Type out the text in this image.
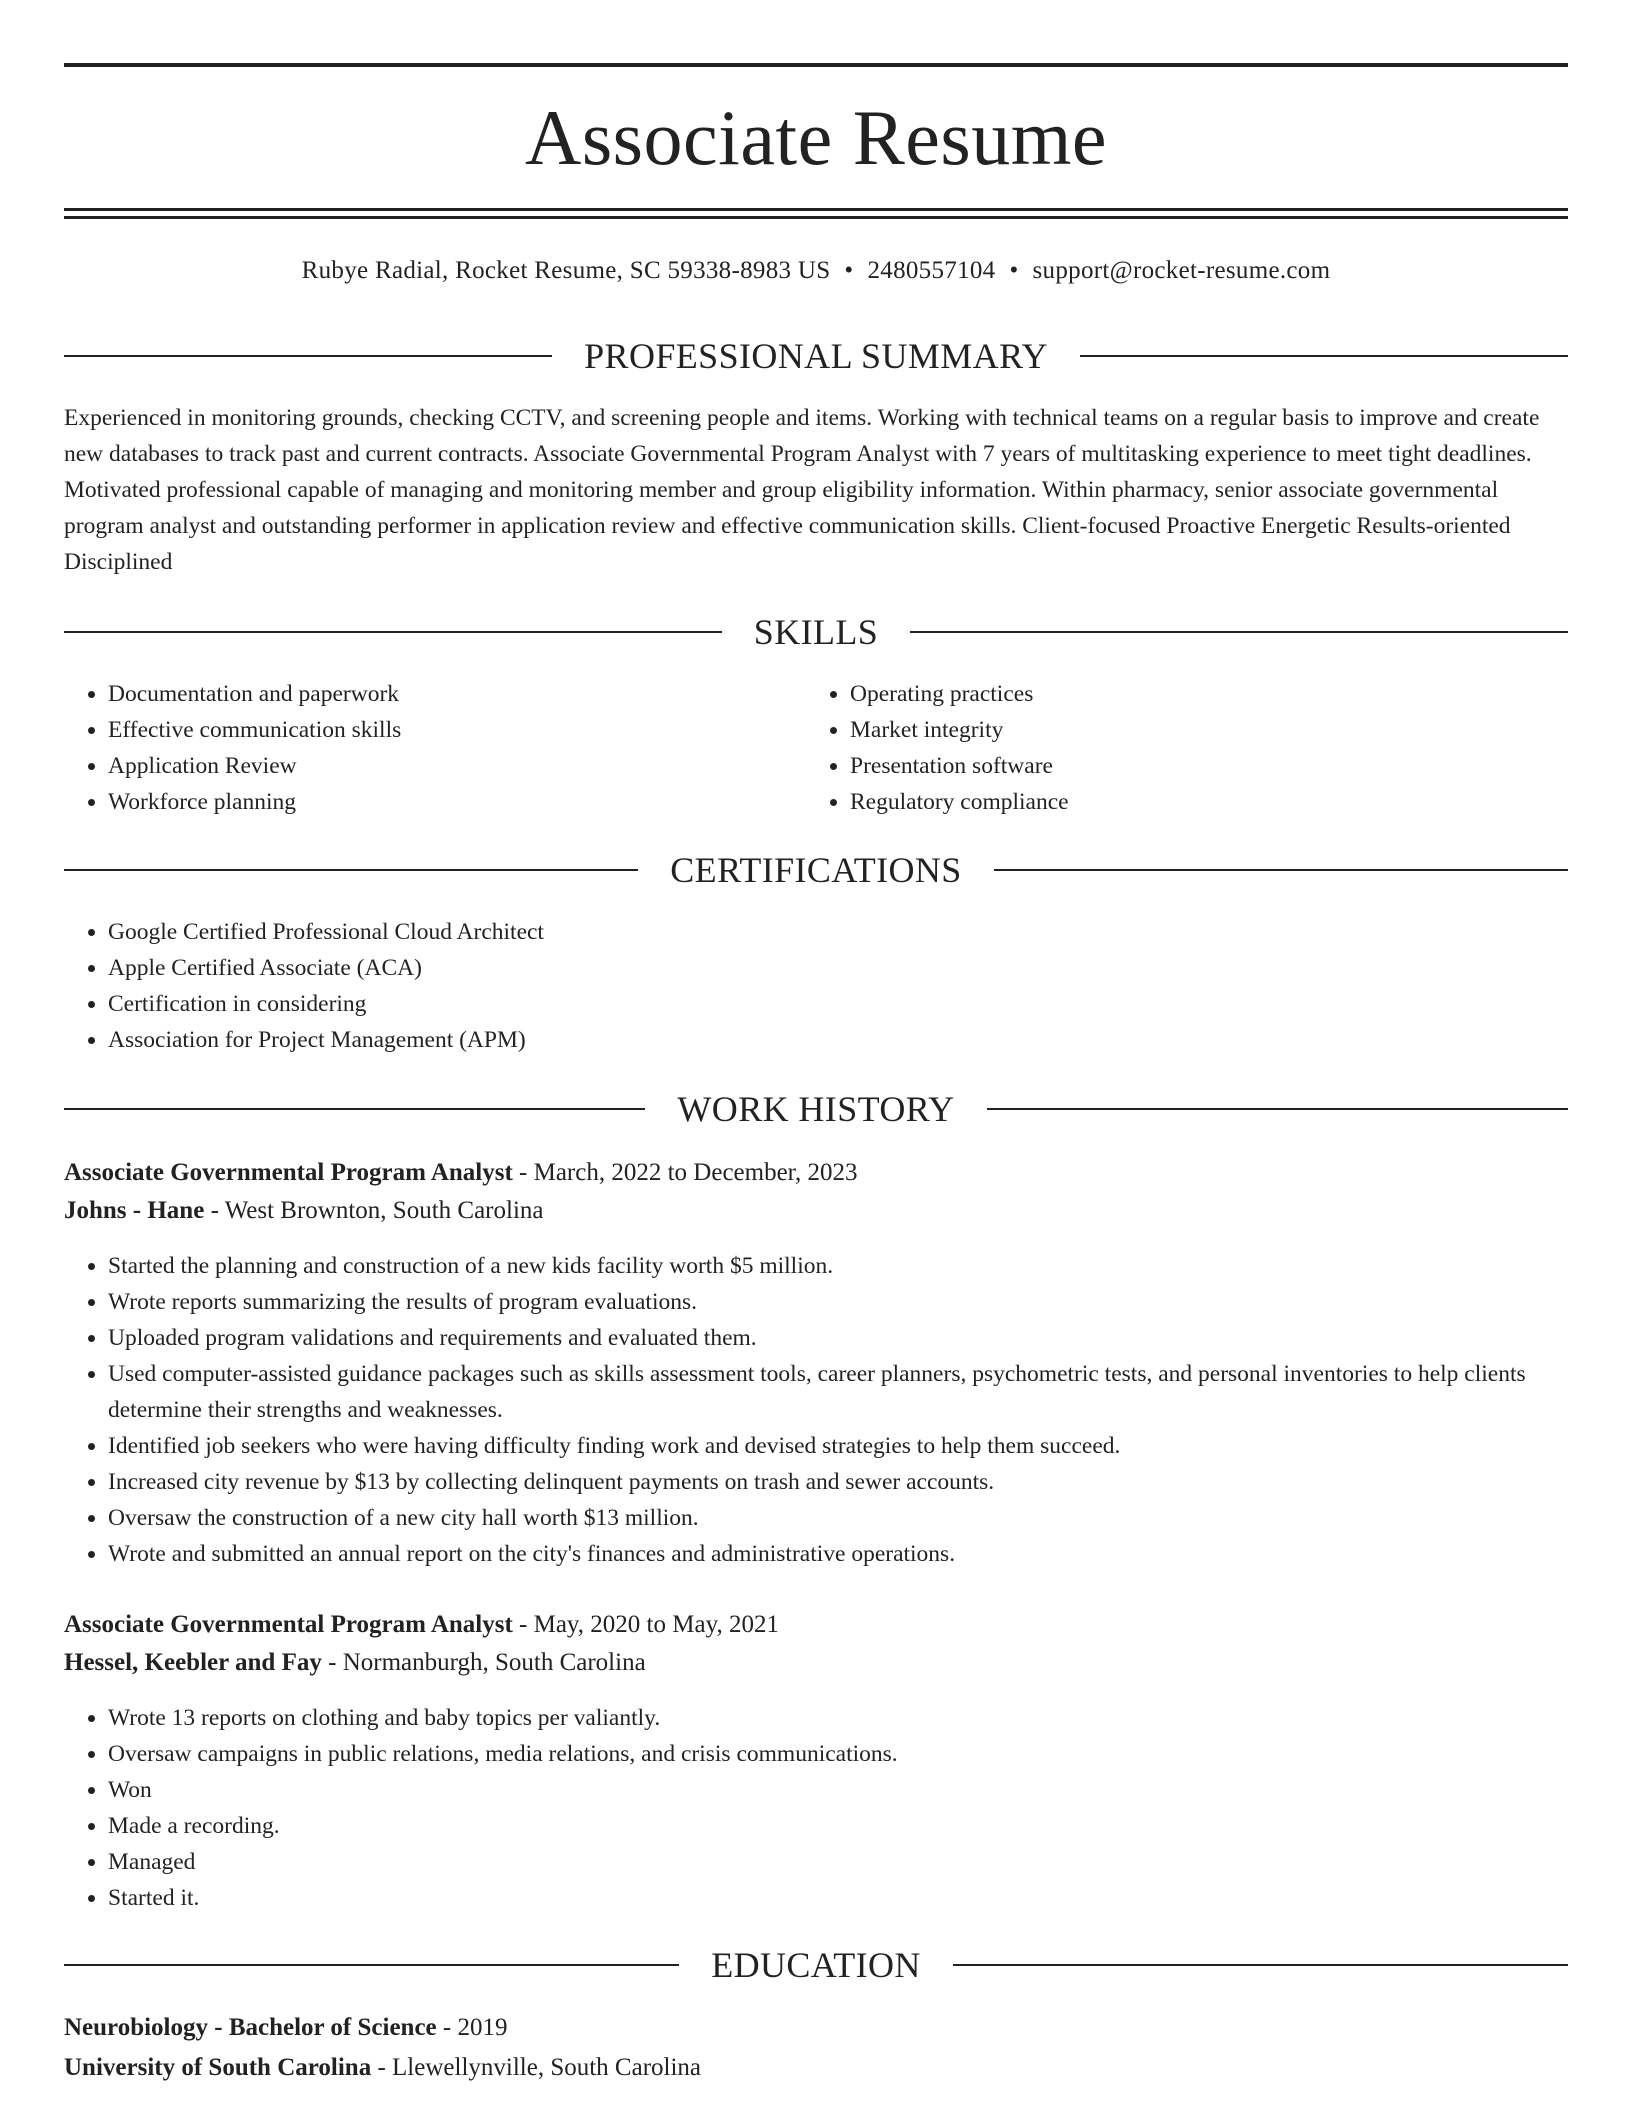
Associate Resume
Rubye Radial, Rocket Resume, SC 59338-8983 US • 2480557104 • support@rocket-resume.com
PROFESSIONAL SUMMARY

Experienced in monitoring grounds, checking CCTV, and screening people and items. Working with technical teams on a regular basis to improve and create new databases to track past and current contracts. Associate Governmental Program Analyst with 7 years of multitasking experience to meet tight deadlines. Motivated professional capable of managing and monitoring member and group eligibility information. Within pharmacy, senior associate governmental program analyst and outstanding performer in application review and effective communication skills. Client-focused Proactive Energetic Results-oriented Disciplined

SKILLS
• Documentation and paperwork
• Effective communication skills
• Application Review
• Workforce planning
• Operating practices
• Market integrity
• Presentation software
• Regulatory compliance
CERTIFICATIONS
• Google Certified Professional Cloud Architect
• Apple Certified Associate (ACA)
• Certification in considering
• Association for Project Management (APM)
WORK HISTORY
Associate Governmental Program Analyst - March, 2022 to December, 2023
Johns - Hane - West Brownton, South Carolina
• Started the planning and construction of a new kids facility worth $5 million.
• Wrote reports summarizing the results of program evaluations.
• Uploaded program validations and requirements and evaluated them.
• Used computer-assisted guidance packages such as skills assessment tools, career planners, psychometric tests, and personal inventories to help clients determine their strengths and weaknesses.
• Identified job seekers who were having difficulty finding work and devised strategies to help them succeed.
• Increased city revenue by $13 by collecting delinquent payments on trash and sewer accounts.
• Oversaw the construction of a new city hall worth $13 million.
• Wrote and submitted an annual report on the city's finances and administrative operations.
Associate Governmental Program Analyst - May, 2020 to May, 2021
Hessel, Keebler and Fay - Normanburgh, South Carolina
• Wrote 13 reports on clothing and baby topics per valiantly.
• Oversaw campaigns in public relations, media relations, and crisis communications.
• Won
• Made a recording.
• Managed
• Started it.
EDUCATION
Neurobiology - Bachelor of Science - 2019
University of South Carolina - Llewellynville, South Carolina
